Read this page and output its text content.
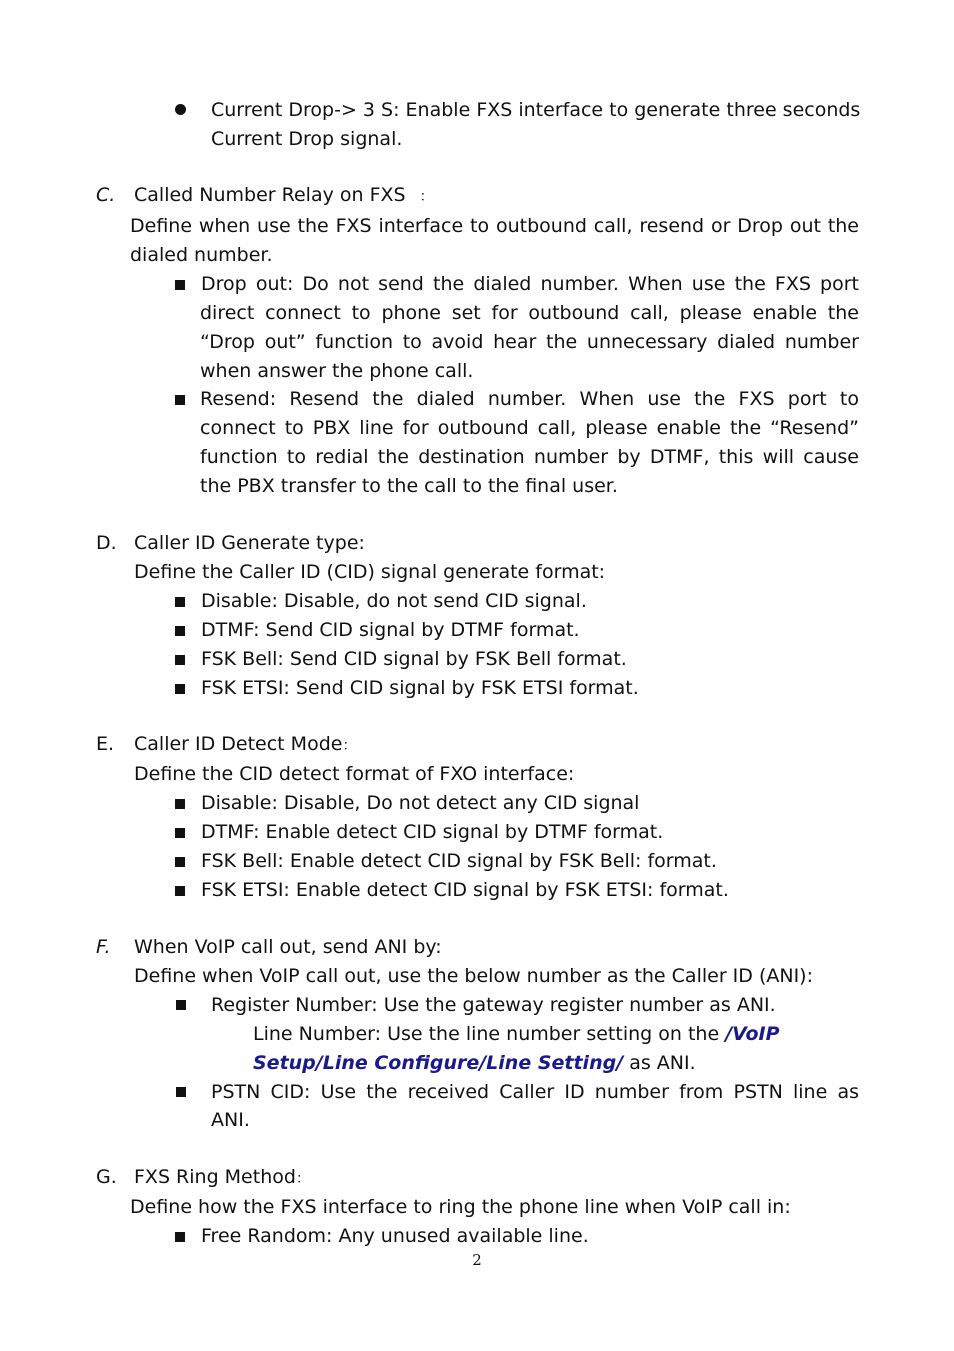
Current Drop-> 3 S: Enable FXS interface to generate three seconds
Current Drop signal.
C. Called Number Relay on FXS ：
Define when use the FXS interface to outbound call, resend or Drop out the dialed number.
Drop out: Do not send the dialed number. When use the FXS port direct connect to phone set for outbound call, please enable the “Drop out” function to avoid hear the unnecessary dialed number when answer the phone call.
Resend: Resend the dialed number. When use the FXS port to connect to PBX line for outbound call, please enable the “Resend” function to redial the destination number by DTMF, this will cause the PBX transfer to the call to the final user.
D. Caller ID Generate type:
Define the Caller ID (CID) signal generate format:
Disable: Disable, do not send CID signal.
DTMF: Send CID signal by DTMF format.
FSK Bell: Send CID signal by FSK Bell format.
FSK ETSI: Send CID signal by FSK ETSI format.
E. Caller ID Detect Mode：
Define the CID detect format of FXO interface:
Disable: Disable, Do not detect any CID signal
DTMF: Enable detect CID signal by DTMF format.
FSK Bell: Enable detect CID signal by FSK Bell: format.
FSK ETSI: Enable detect CID signal by FSK ETSI: format.
F. When VoIP call out, send ANI by:
Define when VoIP call out, use the below number as the Caller ID (ANI):
Register Number: Use the gateway register number as ANI.
Line Number: Use the line number setting on the /VoIP
Setup/Line Configure/Line Setting/ as ANI.
PSTN CID: Use the received Caller ID number from PSTN line as
ANI.
G. FXS Ring Method：
Define how the FXS interface to ring the phone line when VoIP call in:
Free Random: Any unused available line.
2
